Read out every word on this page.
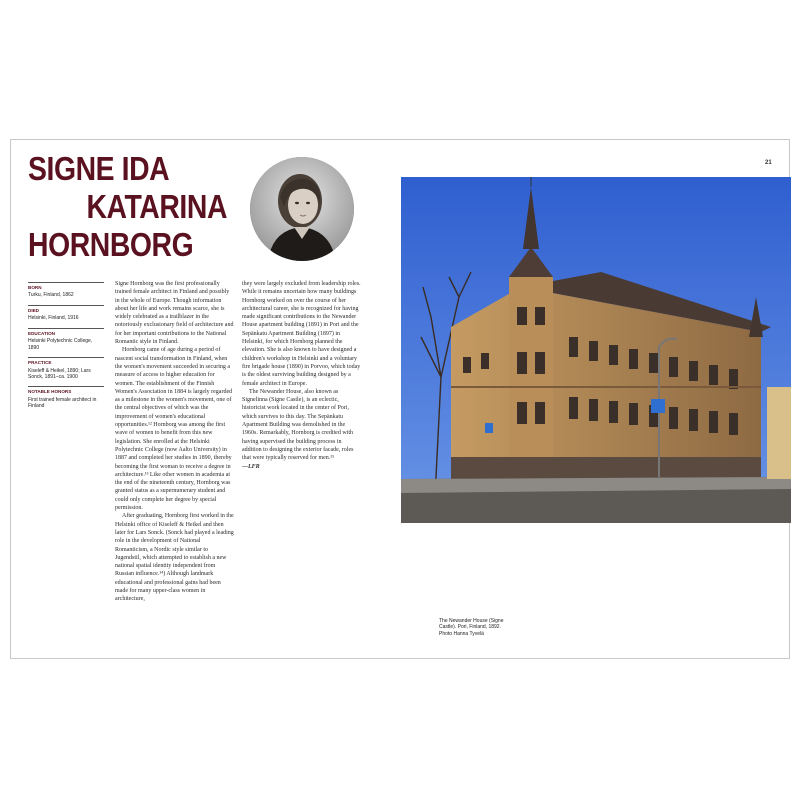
SIGNE IDA
KATARINA
HORNBORG
21
BORN
Turku, Finland, 1862
DIED
Helsinki, Finland, 1916
EDUCATION
Helsinki Polytechnic College, 1890
PRACTICE
Kiseleff & Heikel, 1890; Lars Sonck, 1891–ca. 1900
NOTABLE HONORS
First trained female architect in Finland

Signe Hornborg was the first professionally trained female architect in Finland and possibly in the whole of Europe. Though information about her life and work remains scarce, she is widely celebrated as a trailblazer in the notoriously exclusionary field of architecture and for her important contributions to the National Romantic style in Finland.

Hornborg came of age during a period of nascent social transformation in Finland, when the women's movement succeeded in securing a measure of access to higher education for women. The establishment of the Finnish Women's Association in 1884 is largely regarded as a milestone in the women's movement, one of the central objectives of which was the improvement of women's educational opportunities.¹² Hornborg was among the first wave of women to benefit from this new legislation. She enrolled at the Helsinki Polytechnic College (now Aalto University) in 1887 and completed her studies in 1890, thereby becoming the first woman to receive a degree in architecture.¹³ Like other women in academia at the end of the nineteenth century, Hornborg was granted status as a supernumerary student and could only complete her degree by special permission.

After graduating, Hornborg first worked in the Helsinki office of Kiseleff & Heikel and then later for Lars Sonck. (Sonck had played a leading role in the development of National Romanticism, a Nordic style similar to Jugendstil, which attempted to establish a new national spatial identity independent from Russian influence.¹⁴) Although landmark educational and professional gains had been made for many upper-class women in architecture,

they were largely excluded from leadership roles. While it remains uncertain how many buildings Hornborg worked on over the course of her architectural career, she is recognized for having made significant contributions to the Newander House apartment building (1891) in Pori and the Sepänkatu Apartment Building (1897) in Helsinki, for which Hornborg planned the elevation. She is also known to have designed a children's workshop in Helsinki and a voluntary fire brigade house (1890) in Porvoo, which today is the oldest surviving building designed by a female architect in Europe.

The Newander House, also known as Signelinna (Signe Castle), is an eclectic, historicist work located in the center of Pori, which survives to this day. The Sepänkatu Apartment Building was demolished in the 1960s. Remarkably, Hornborg is credited with having supervised the building process in addition to designing the exterior facade, roles that were typically reserved for men.¹⁵

—LFR
The Newander House (Signe
Castle). Pori, Finland, 1892.
Photo Hanna Tyvelä
